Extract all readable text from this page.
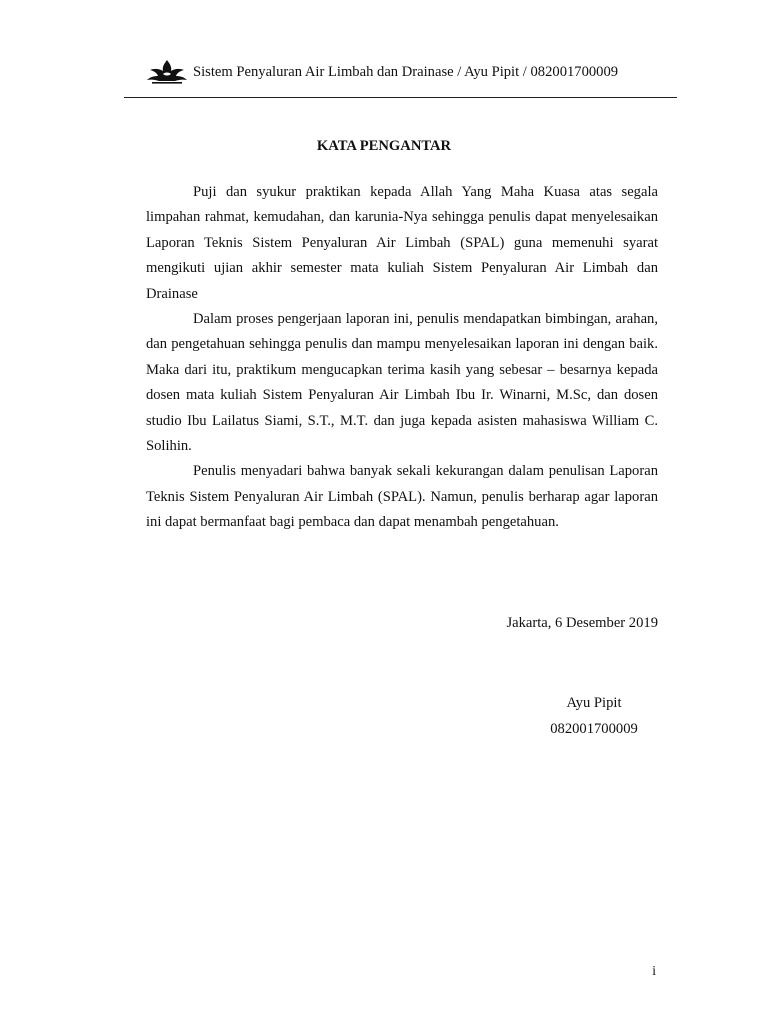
Sistem Penyaluran Air Limbah dan Drainase / Ayu Pipit / 082001700009
KATA PENGANTAR

Puji dan syukur praktikan kepada Allah Yang Maha Kuasa atas segala limpahan rahmat, kemudahan, dan karunia-Nya sehingga penulis dapat menyelesaikan Laporan Teknis Sistem Penyaluran Air Limbah (SPAL) guna memenuhi syarat mengikuti ujian akhir semester mata kuliah Sistem Penyaluran Air Limbah dan Drainase

Dalam proses pengerjaan laporan ini, penulis mendapatkan bimbingan, arahan, dan pengetahuan sehingga penulis dan mampu menyelesaikan laporan ini dengan baik. Maka dari itu, praktikum mengucapkan terima kasih yang sebesar – besarnya kepada dosen mata kuliah Sistem Penyaluran Air Limbah Ibu Ir. Winarni, M.Sc, dan dosen studio Ibu Lailatus Siami, S.T., M.T. dan juga kepada asisten mahasiswa William C. Solihin.

Penulis menyadari bahwa banyak sekali kekurangan dalam penulisan Laporan Teknis Sistem Penyaluran Air Limbah (SPAL). Namun, penulis berharap agar laporan ini dapat bermanfaat bagi pembaca dan dapat menambah pengetahuan.

Jakarta, 6 Desember 2019
Ayu Pipit
082001700009
i
